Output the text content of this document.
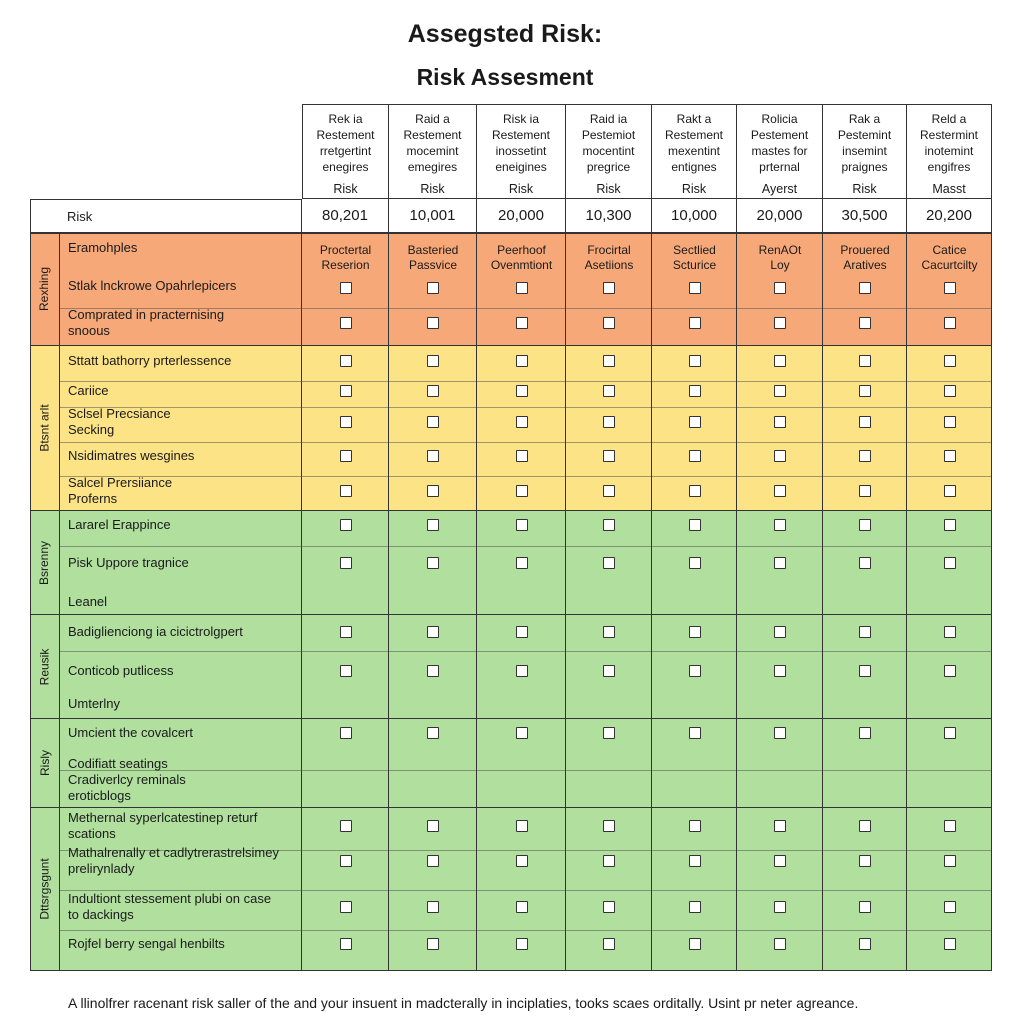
Assegsted Risk:
Risk Assesment
Rexhing
Eramohples
Stlak lnckrowe Opahrlepicers
Comprated in practernising
snoous
Btsnt arlt
Sttatt bathorry prterlessence
Cariice
Sclsel Precsiance
Secking
Nsidimatres wesgines
Salcel Prersiiance
Proferns
Bsrenny
Lararel Erappince
Pisk Uppore tragnice
Leanel
Reusik
Badiglienciong ia cicictrolgpert
Conticob putlicess
Umterlny
Risly
Umcient the covalcert
Codifiatt seatings
Cradiverlcy reminals
eroticblogs
Dttsrgsgunt
Methernal syperlcatestinep returf
scations
Mathalrenally et cadlytrerastrelsimey
prelirynlady
Indultiont stessement plubi on case
to dackings
Rojfel berry sengal henbilts
Proctertal
Reserion
Basteried
Passvice
Peerhoof
Ovenmtiont
Frocirtal
Asetiions
Sectlied
Scturice
RenAOt
Loy
Prouered
Aratives
Catice
Cacurtcilty
Rek ia
Restement
rretgertint
enegires
Risk
80,201
Raid a
Restement
mocemint
emegires
Risk
10,001
Risk ia
Restement
inossetint
eneigines
Risk
20,000
Raid ia
Pestemiot
mocentint
pregrice
Risk
10,300
Rakt a
Restement
mexentint
entignes
Risk
10,000
Rolicia
Pestement
mastes for
prternal
Ayerst
20,000
Rak a
Pestemint
insemint
praignes
Risk
30,500
Reld a
Restermint
inotemint
engifres
Masst
20,200
Risk
A llinolfrer racenant risk saller of the and your insuent in madcterally in inciplaties, tooks scaes orditally. Usint pr neter agreance.
